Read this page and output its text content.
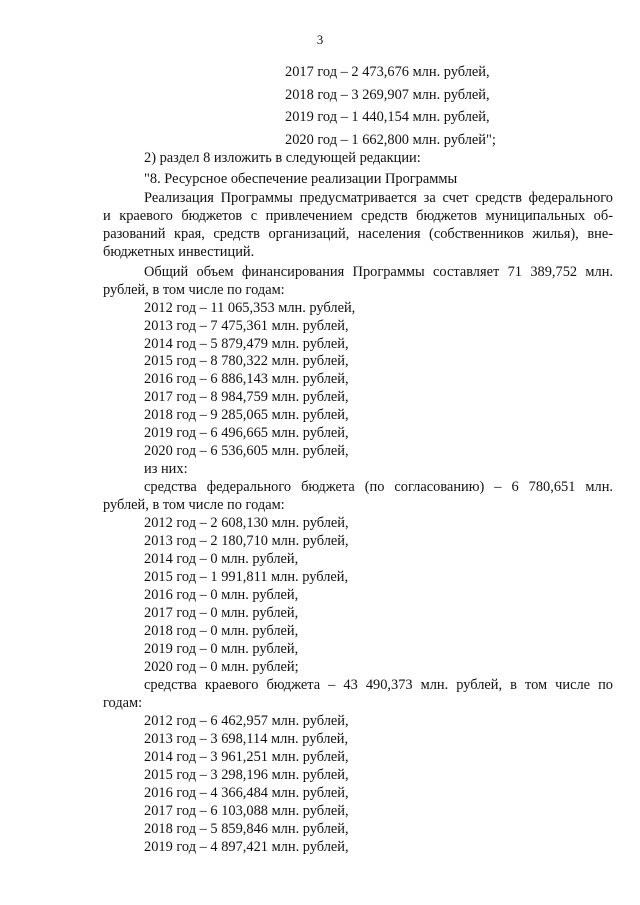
3
2017 год – 2 473,676 млн. рублей,
2018 год – 3 269,907 млн. рублей,
2019 год – 1 440,154 млн. рублей,
2020 год – 1 662,800 млн. рублей";
2) раздел 8 изложить в следующей редакции:
"8. Ресурсное обеспечение реализации Программы
Реализация Программы предусматривается за счет средств федерального
и краевого бюджетов с привлечением средств бюджетов муниципальных об-
разований края, средств организаций, населения (собственников жилья), вне-
бюджетных инвестиций.
Общий объем финансирования Программы составляет 71 389,752 млн.
рублей, в том числе по годам:
2012 год – 11 065,353 млн. рублей,
2013 год – 7 475,361 млн. рублей,
2014 год – 5 879,479 млн. рублей,
2015 год – 8 780,322 млн. рублей,
2016 год – 6 886,143 млн. рублей,
2017 год – 8 984,759 млн. рублей,
2018 год – 9 285,065 млн. рублей,
2019 год – 6 496,665 млн. рублей,
2020 год – 6 536,605 млн. рублей,
из них:
средства федерального бюджета (по согласованию) – 6 780,651 млн.
рублей, в том числе по годам:
2012 год – 2 608,130 млн. рублей,
2013 год – 2 180,710 млн. рублей,
2014 год – 0 млн. рублей,
2015 год – 1 991,811 млн. рублей,
2016 год – 0 млн. рублей,
2017 год – 0 млн. рублей,
2018 год – 0 млн. рублей,
2019 год – 0 млн. рублей,
2020 год – 0 млн. рублей;
средства краевого бюджета – 43 490,373 млн. рублей, в том числе по
годам:
2012 год – 6 462,957 млн. рублей,
2013 год – 3 698,114 млн. рублей,
2014 год – 3 961,251 млн. рублей,
2015 год – 3 298,196 млн. рублей,
2016 год – 4 366,484 млн. рублей,
2017 год – 6 103,088 млн. рублей,
2018 год – 5 859,846 млн. рублей,
2019 год – 4 897,421 млн. рублей,
